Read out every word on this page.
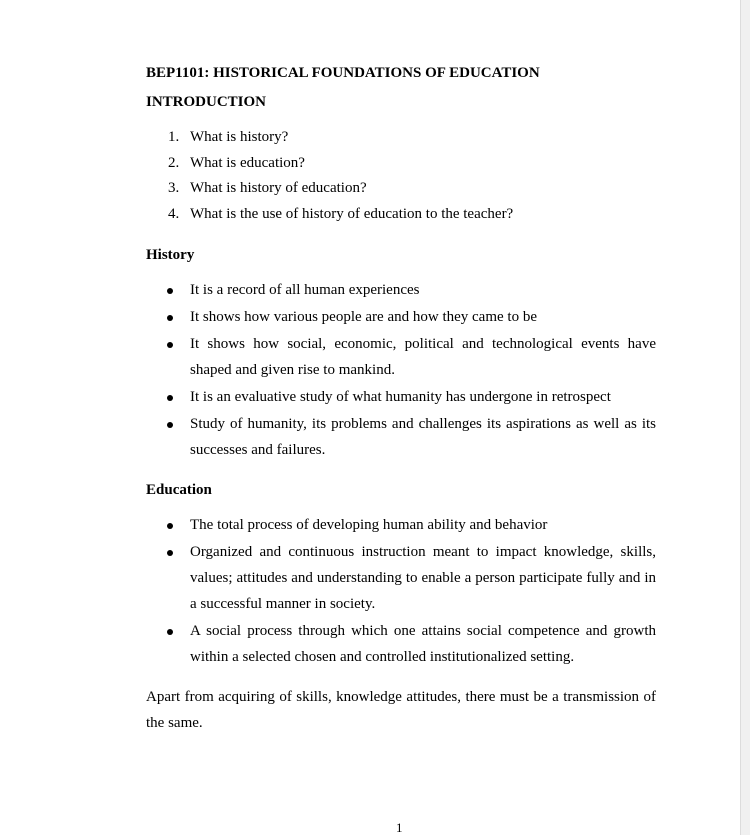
BEP1101: HISTORICAL FOUNDATIONS OF EDUCATION

INTRODUCTION

1. What is history?
2. What is education?
3. What is history of education?
4. What is the use of history of education to the teacher?

History

It is a record of all human experiences
It shows how various people are and how they came to be
It shows how social, economic, political and technological events have shaped and given rise to mankind.
It is an evaluative study of what humanity has undergone in retrospect
Study of humanity, its problems and challenges its aspirations as well as its successes and failures.

Education

The total process of developing human ability and behavior
Organized and continuous instruction meant to impact knowledge, skills, values; attitudes and understanding to enable a person participate fully and in a successful manner in society.
A social process through which one attains social competence and growth within a selected chosen and controlled institutionalized setting.

Apart from acquiring of skills, knowledge attitudes, there must be a transmission of the same.

1
